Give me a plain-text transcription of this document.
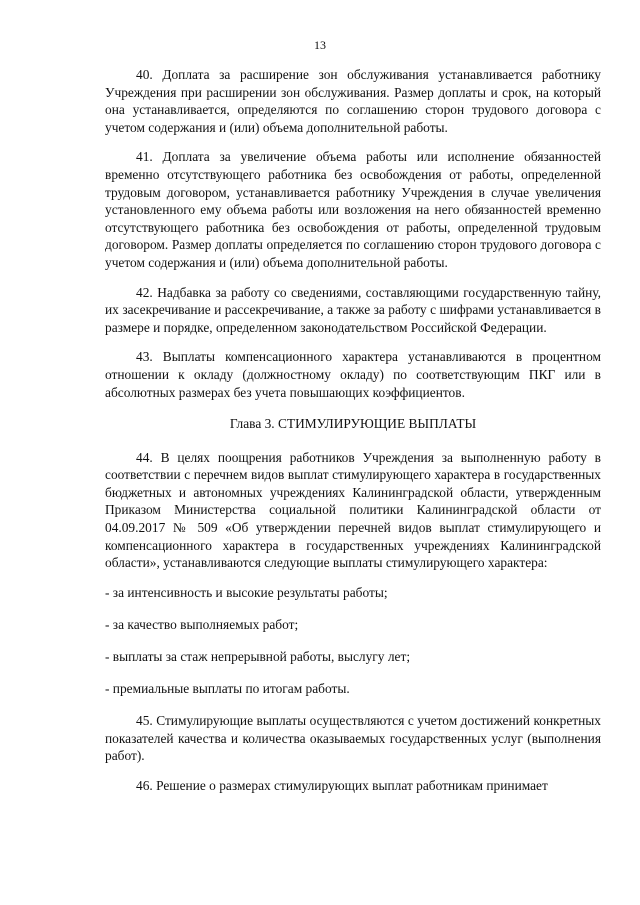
13

40. Доплата за расширение зон обслуживания устанавливается работнику Учреждения при расширении зон обслуживания. Размер доплаты и срок, на который она устанавливается, определяются по соглашению сторон трудового договора с учетом содержания и (или) объема дополнительной работы.

41. Доплата за увеличение объема работы или исполнение обязанностей временно отсутствующего работника без освобождения от работы, определенной трудовым договором, устанавливается работнику Учреждения в случае увеличения установленного ему объема работы или возложения на него обязанностей временно отсутствующего работника без освобождения от работы, определенной трудовым договором. Размер доплаты определяется по соглашению сторон трудового договора с учетом содержания и (или) объема дополнительной работы.

42. Надбавка за работу со сведениями, составляющими государственную тайну, их засекречивание и рассекречивание, а также за работу с шифрами устанавливается в размере и порядке, определенном законодательством Российской Федерации.

43. Выплаты компенсационного характера устанавливаются в процентном отношении к окладу (должностному окладу) по соответствующим ПКГ или в абсолютных размерах без учета повышающих коэффициентов.

Глава 3. СТИМУЛИРУЮЩИЕ ВЫПЛАТЫ

44. В целях поощрения работников Учреждения за выполненную работу в соответствии с перечнем видов выплат стимулирующего характера в государственных бюджетных и автономных учреждениях Калининградской области, утвержденным Приказом Министерства социальной политики Калининградской области от 04.09.2017 № 509 «Об утверждении перечней видов выплат стимулирующего и компенсационного характера в государственных учреждениях Калининградской области», устанавливаются следующие выплаты стимулирующего характера:

- за интенсивность и высокие результаты работы;

- за качество выполняемых работ;

- выплаты за стаж непрерывной работы, выслугу лет;

- премиальные выплаты по итогам работы.

45. Стимулирующие выплаты осуществляются с учетом достижений конкретных показателей качества и количества оказываемых государственных услуг (выполнения работ).

46. Решение о размерах стимулирующих выплат работникам принимает
